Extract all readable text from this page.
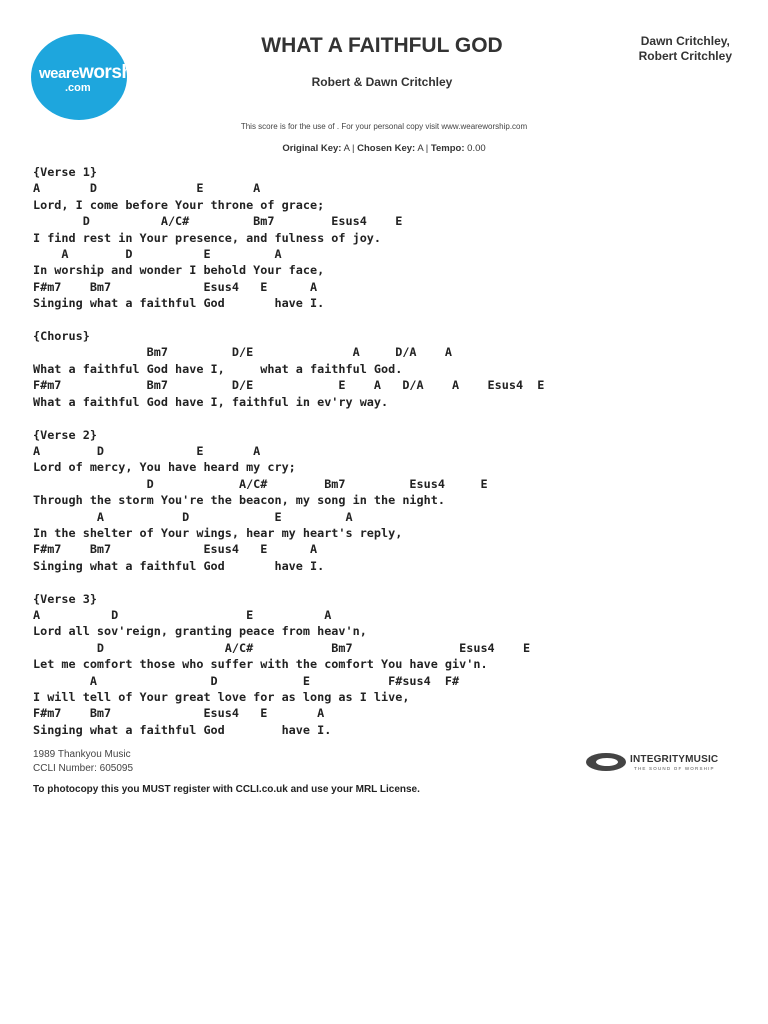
weareworship
.com
WHAT A FAITHFUL GOD
Robert & Dawn Critchley
Dawn Critchley,
Robert Critchley
This score is for the use of . For your personal copy visit www.weareworship.com
Original Key: A | Chosen Key: A | Tempo: 0.00
{Verse 1}
A       D              E       A
Lord, I come before Your throne of grace;
D          A/C#         Bm7        Esus4    E
I find rest in Your presence, and fulness of joy.
A        D          E         A
In worship and wonder I behold Your face,
F#m7    Bm7             Esus4   E      A
Singing what a faithful God       have I.

{Chorus}
Bm7         D/E              A     D/A    A
What a faithful God have I,     what a faithful God.
F#m7            Bm7         D/E            E    A   D/A    A    Esus4  E
What a faithful God have I, faithful in ev'ry way.

{Verse 2}
A        D             E       A
Lord of mercy, You have heard my cry;
D            A/C#        Bm7         Esus4     E
Through the storm You're the beacon, my song in the night.
A           D            E         A
In the shelter of Your wings, hear my heart's reply,
F#m7    Bm7             Esus4   E      A
Singing what a faithful God       have I.

{Verse 3}
A          D                  E          A
Lord all sov'reign, granting peace from heav'n,
D                 A/C#           Bm7               Esus4    E
Let me comfort those who suffer with the comfort You have giv'n.
A                D            E           F#sus4  F#
I will tell of Your great love for as long as I live,
F#m7    Bm7             Esus4   E       A
Singing what a faithful God        have I.
1989 Thankyou Music
CCLI Number: 605095
To photocopy this you MUST register with CCLI.co.uk and use your MRL License.
INTEGRITYMUSIC
THE SOUND OF WORSHIP
